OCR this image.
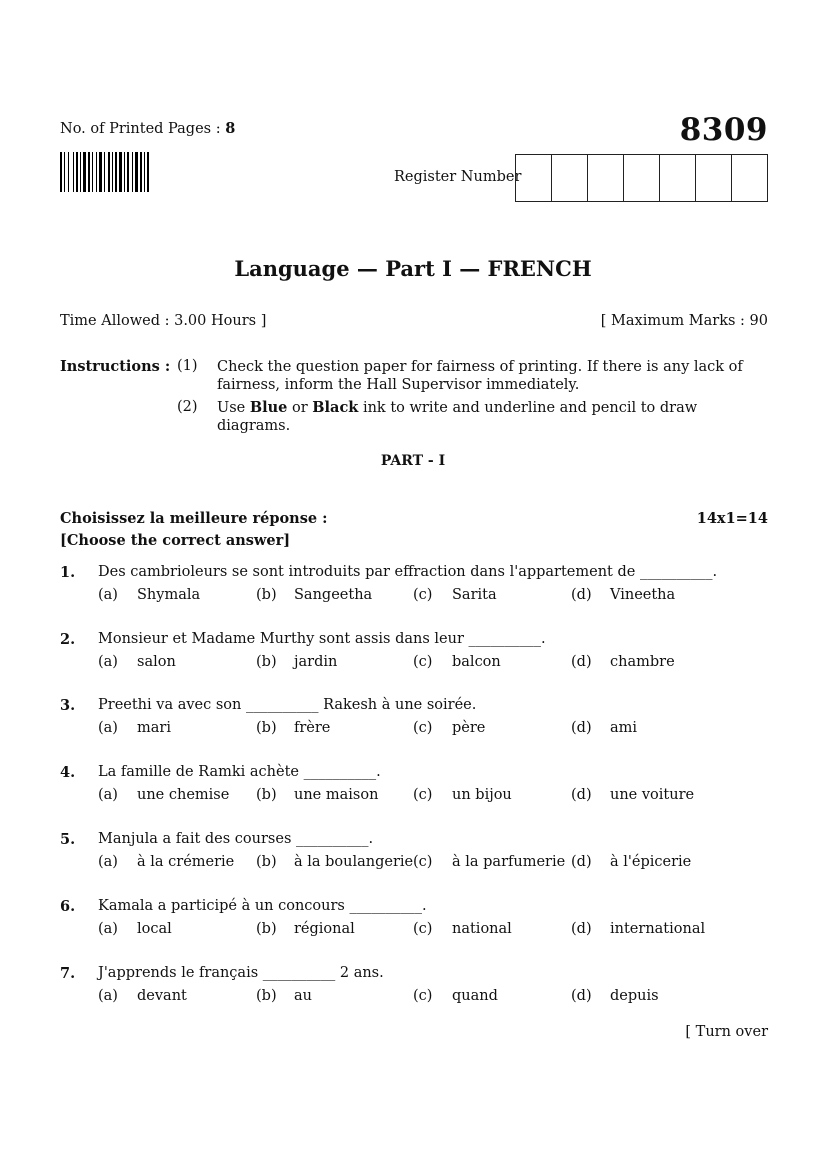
No. of Printed Pages : 8	8309
Register Number
Language — Part I — FRENCH
Time Allowed : 3.00 Hours ]	[ Maximum Marks : 90
Instructions : (1) Check the question paper for fairness of printing. If there is any lack of fairness, inform the Hall Supervisor immediately.
(2) Use Blue or Black ink to write and underline and pencil to draw diagrams.
PART - I
Choisissez la meilleure réponse :
[Choose the correct answer]
14x1=14
1. Des cambrioleurs se sont introduits par effraction dans l'appartement de __________.
(a) Shymala	(b) Sangeetha	(c) Sarita	(d) Vineetha
2. Monsieur et Madame Murthy sont assis dans leur __________.
(a) salon	(b) jardin	(c) balcon	(d) chambre
3. Preethi va avec son __________ Rakesh à une soirée.
(a) mari	(b) frère	(c) père	(d) ami
4. La famille de Ramki achète __________.
(a) une chemise (b) une maison (c) un bijou	(d) une voiture
5. Manjula a fait des courses __________.
(a) à la crémerie (b) à la boulangerie (c) à la parfumerie (d) à l'épicerie
6. Kamala a participé à un concours __________.
(a) local	(b) régional	(c) national	(d) international
7. J'apprends le français __________ 2 ans.
(a) devant	(b) au	(c) quand	(d) depuis
[ Turn over
